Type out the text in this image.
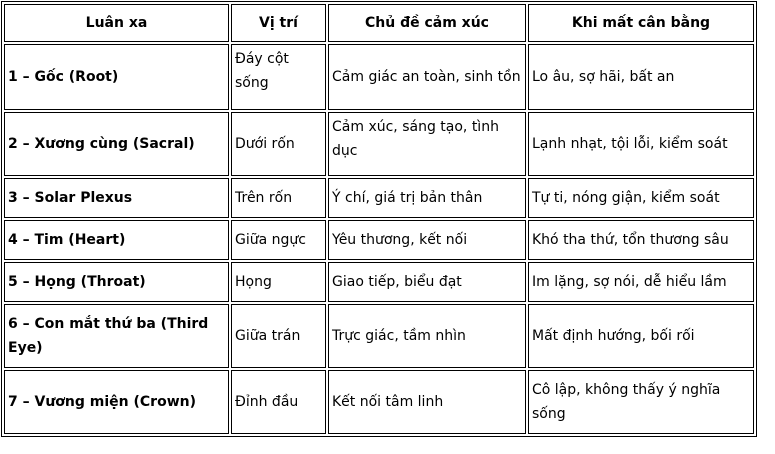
Luân xa	Vị trí	Chủ đề cảm xúc	Khi mất cân bằng
1 – Gốc (Root)	Đáy cột sống	Cảm giác an toàn, sinh tồn	Lo âu, sợ hãi, bất an
2 – Xương cùng (Sacral)	Dưới rốn	Cảm xúc, sáng tạo, tình dục	Lạnh nhạt, tội lỗi, kiểm soát
3 – Solar Plexus	Trên rốn	Ý chí, giá trị bản thân	Tự ti, nóng giận, kiểm soát
4 – Tim (Heart)	Giữa ngực	Yêu thương, kết nối	Khó tha thứ, tổn thương sâu
5 – Họng (Throat)	Họng	Giao tiếp, biểu đạt	Im lặng, sợ nói, dễ hiểu lầm
6 – Con mắt thứ ba (Third Eye)	Giữa trán	Trực giác, tầm nhìn	Mất định hướng, bối rối
7 – Vương miện (Crown)	Đỉnh đầu	Kết nối tâm linh	Cô lập, không thấy ý nghĩa sống
